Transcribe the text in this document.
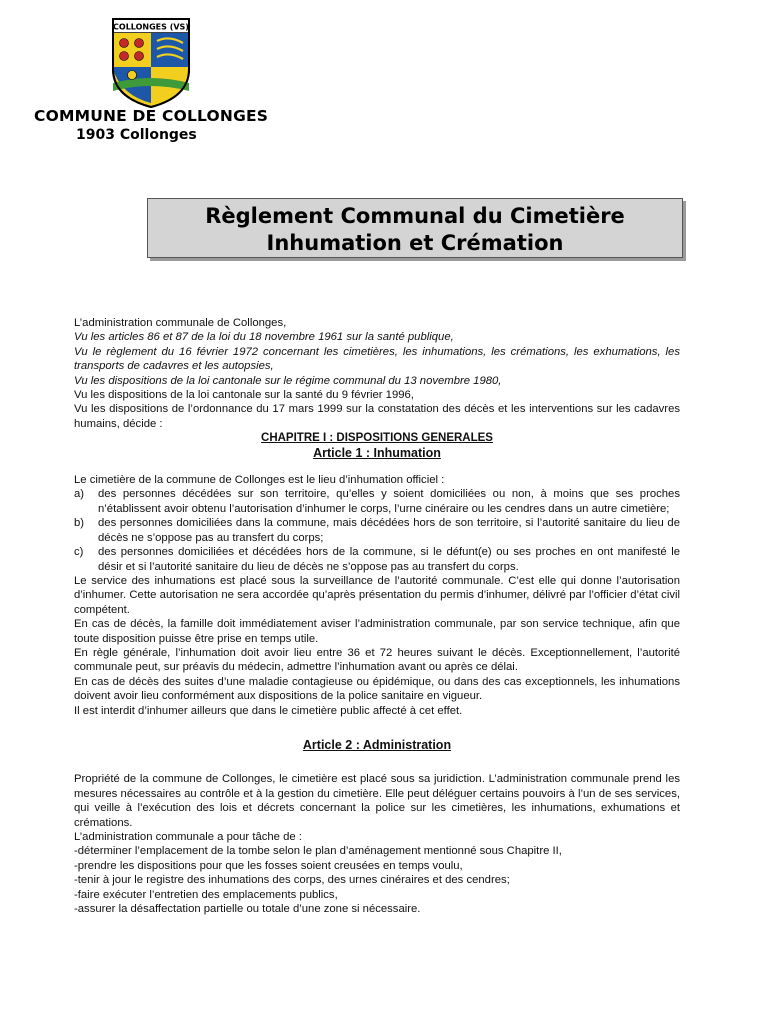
COLLONGES (VS)
COMMUNE DE COLLONGES
1903 Collonges
Règlement Communal du Cimetière
Inhumation et Crémation

L’administration communale de Collonges,

Vu les articles 86 et 87 de la loi du 18 novembre 1961 sur la santé publique,

Vu le règlement du 16 février 1972 concernant les cimetières, les inhumations, les crémations, les exhumations, les transports de cadavres et les autopsies,

Vu les dispositions de la loi cantonale sur le régime communal du 13 novembre 1980,

Vu les dispositions de la loi cantonale sur la santé du 9 février 1996,

Vu les dispositions de l’ordonnance du 17 mars 1999 sur la constatation des décès et les interventions sur les cadavres humains, décide :

CHAPITRE I : DISPOSITIONS GENERALES

Article 1 : Inhumation

Le cimetière de la commune de Collonges est le lieu d’inhumation officiel :

a) des personnes décédées sur son territoire, qu’elles y soient domiciliées ou non, à moins que ses proches n’établissent avoir obtenu l’autorisation d’inhumer le corps, l’urne cinéraire ou les cendres dans un autre cimetière;

b) des personnes domiciliées dans la commune, mais décédées hors de son territoire, si l’autorité sanitaire du lieu de décès ne s’oppose pas au transfert du corps;

c) des personnes domiciliées et décédées hors de la commune, si le défunt(e) ou ses proches en ont manifesté le désir et si l’autorité sanitaire du lieu de décès ne s’oppose pas au transfert du corps.

Le service des inhumations est placé sous la surveillance de l’autorité communale. C’est elle qui donne l’autorisation d’inhumer. Cette autorisation ne sera accordée qu’après présentation du permis d’inhumer, délivré par l’officier d’état civil compétent.

En cas de décès, la famille doit immédiatement aviser l’administration communale, par son service technique, afin que toute disposition puisse être prise en temps utile.

En règle générale, l’inhumation doit avoir lieu entre 36 et 72 heures suivant le décès. Exceptionnellement, l’autorité communale peut, sur préavis du médecin, admettre l’inhumation avant ou après ce délai.

En cas de décès des suites d’une maladie contagieuse ou épidémique, ou dans des cas exceptionnels, les inhumations doivent avoir lieu conformément aux dispositions de la police sanitaire en vigueur.

Il est interdit d’inhumer ailleurs que dans le cimetière public affecté à cet effet.

Article 2 : Administration

Propriété de la commune de Collonges, le cimetière est placé sous sa juridiction. L’administration communale prend les mesures nécessaires au contrôle et à la gestion du cimetière. Elle peut déléguer certains pouvoirs à l’un de ses services, qui veille à l’exécution des lois et décrets concernant la police sur les cimetières, les inhumations, exhumations et crémations.

L’administration communale a pour tâche de :

-déterminer l’emplacement de la tombe selon le plan d’aménagement mentionné sous Chapitre II,

-prendre les dispositions pour que les fosses soient creusées en temps voulu,

-tenir à jour le registre des inhumations des corps, des urnes cinéraires et des cendres;

-faire exécuter l’entretien des emplacements publics,

-assurer la désaffectation partielle ou totale d’une zone si nécessaire.
